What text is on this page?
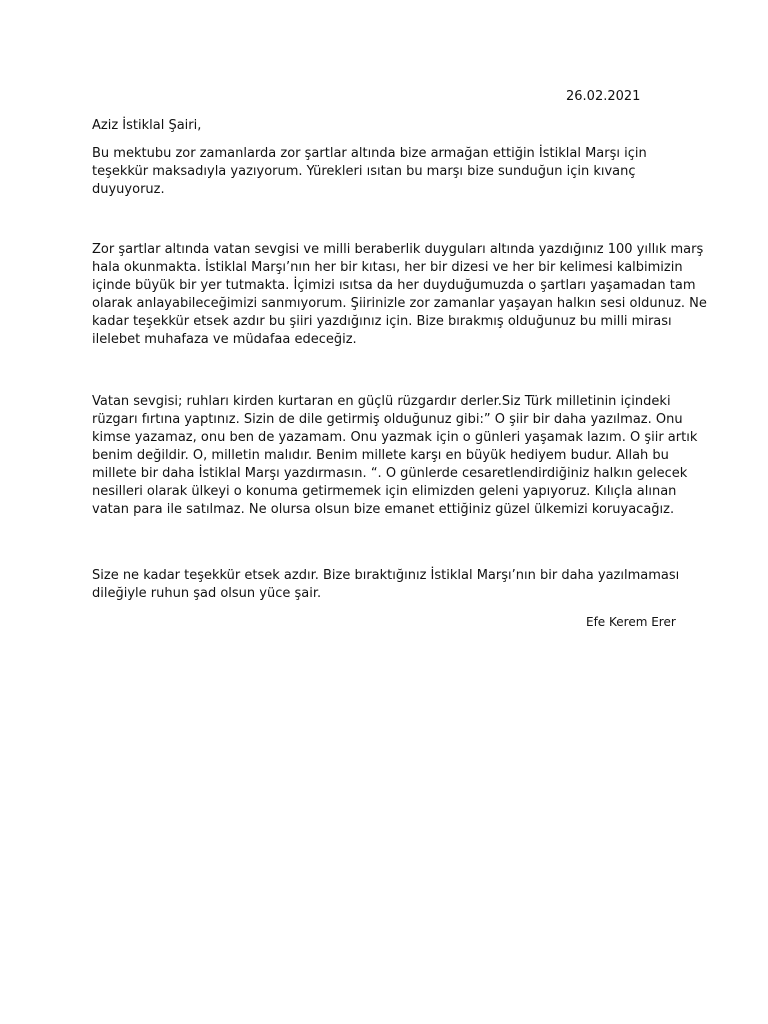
26.02.2021
Aziz İstiklal Şairi,
Bu mektubu zor zamanlarda zor şartlar altında bize armağan ettiğin İstiklal Marşı için
teşekkür maksadıyla yazıyorum. Yürekleri ısıtan bu marşı bize sunduğun için kıvanç
duyuyoruz.
Zor şartlar altında vatan sevgisi ve milli beraberlik duyguları altında yazdığınız 100 yıllık marş
hala okunmakta. İstiklal Marşı’nın her bir kıtası, her bir dizesi ve her bir kelimesi kalbimizin
içinde büyük bir yer tutmakta. İçimizi ısıtsa da her duyduğumuzda o şartları yaşamadan tam
olarak anlayabileceğimizi sanmıyorum. Şiirinizle zor zamanlar yaşayan halkın sesi oldunuz. Ne
kadar teşekkür etsek azdır bu şiiri yazdığınız için. Bize bırakmış olduğunuz bu milli mirası
ilelebet muhafaza ve müdafaa edeceğiz.
Vatan sevgisi; ruhları kirden kurtaran en güçlü rüzgardır derler.Siz Türk milletinin içindeki
rüzgarı fırtına yaptınız. Sizin de dile getirmiş olduğunuz gibi:” O şiir bir daha yazılmaz. Onu
kimse yazamaz, onu ben de yazamam. Onu yazmak için o günleri yaşamak lazım. O şiir artık
benim değildir. O, milletin malıdır. Benim millete karşı en büyük hediyem budur. Allah bu
millete bir daha İstiklal Marşı yazdırmasın. “. O günlerde cesaretlendirdiğiniz halkın gelecek
nesilleri olarak ülkeyi o konuma getirmemek için elimizden geleni yapıyoruz. Kılıçla alınan
vatan para ile satılmaz. Ne olursa olsun bize emanet ettiğiniz güzel ülkemizi koruyacağız.
Size ne kadar teşekkür etsek azdır. Bize bıraktığınız İstiklal Marşı’nın bir daha yazılmaması
dileğiyle ruhun şad olsun yüce şair.
Efe Kerem Erer
